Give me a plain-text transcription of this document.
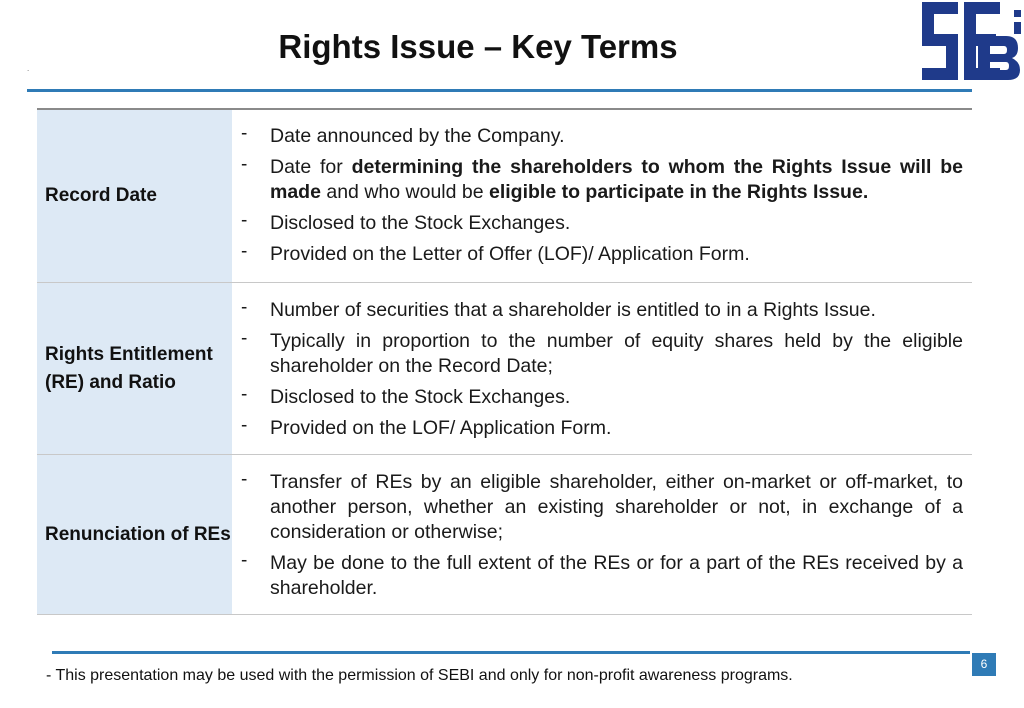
Rights Issue – Key Terms
.
Record Date
- Date announced by the Company.
- Date for determining the shareholders to whom the Rights Issue will be made and who would be eligible to participate in the Rights Issue.
- Disclosed to the Stock Exchanges.
- Provided on the Letter of Offer (LOF)/ Application Form.
Rights Entitlement (RE) and Ratio
- Number of securities that a shareholder is entitled to in a Rights Issue.
- Typically in proportion to the number of equity shares held by the eligible shareholder on the Record Date;
- Disclosed to the Stock Exchanges.
- Provided on the LOF/ Application Form.
Renunciation of REs
- Transfer of REs by an eligible shareholder, either on-market or off-market, to another person, whether an existing shareholder or not, in exchange of a consideration or otherwise;
- May be done to the full extent of the REs or for a part of the REs received by a shareholder.
6
- This presentation may be used with the permission of SEBI and only for non-profit awareness programs.
